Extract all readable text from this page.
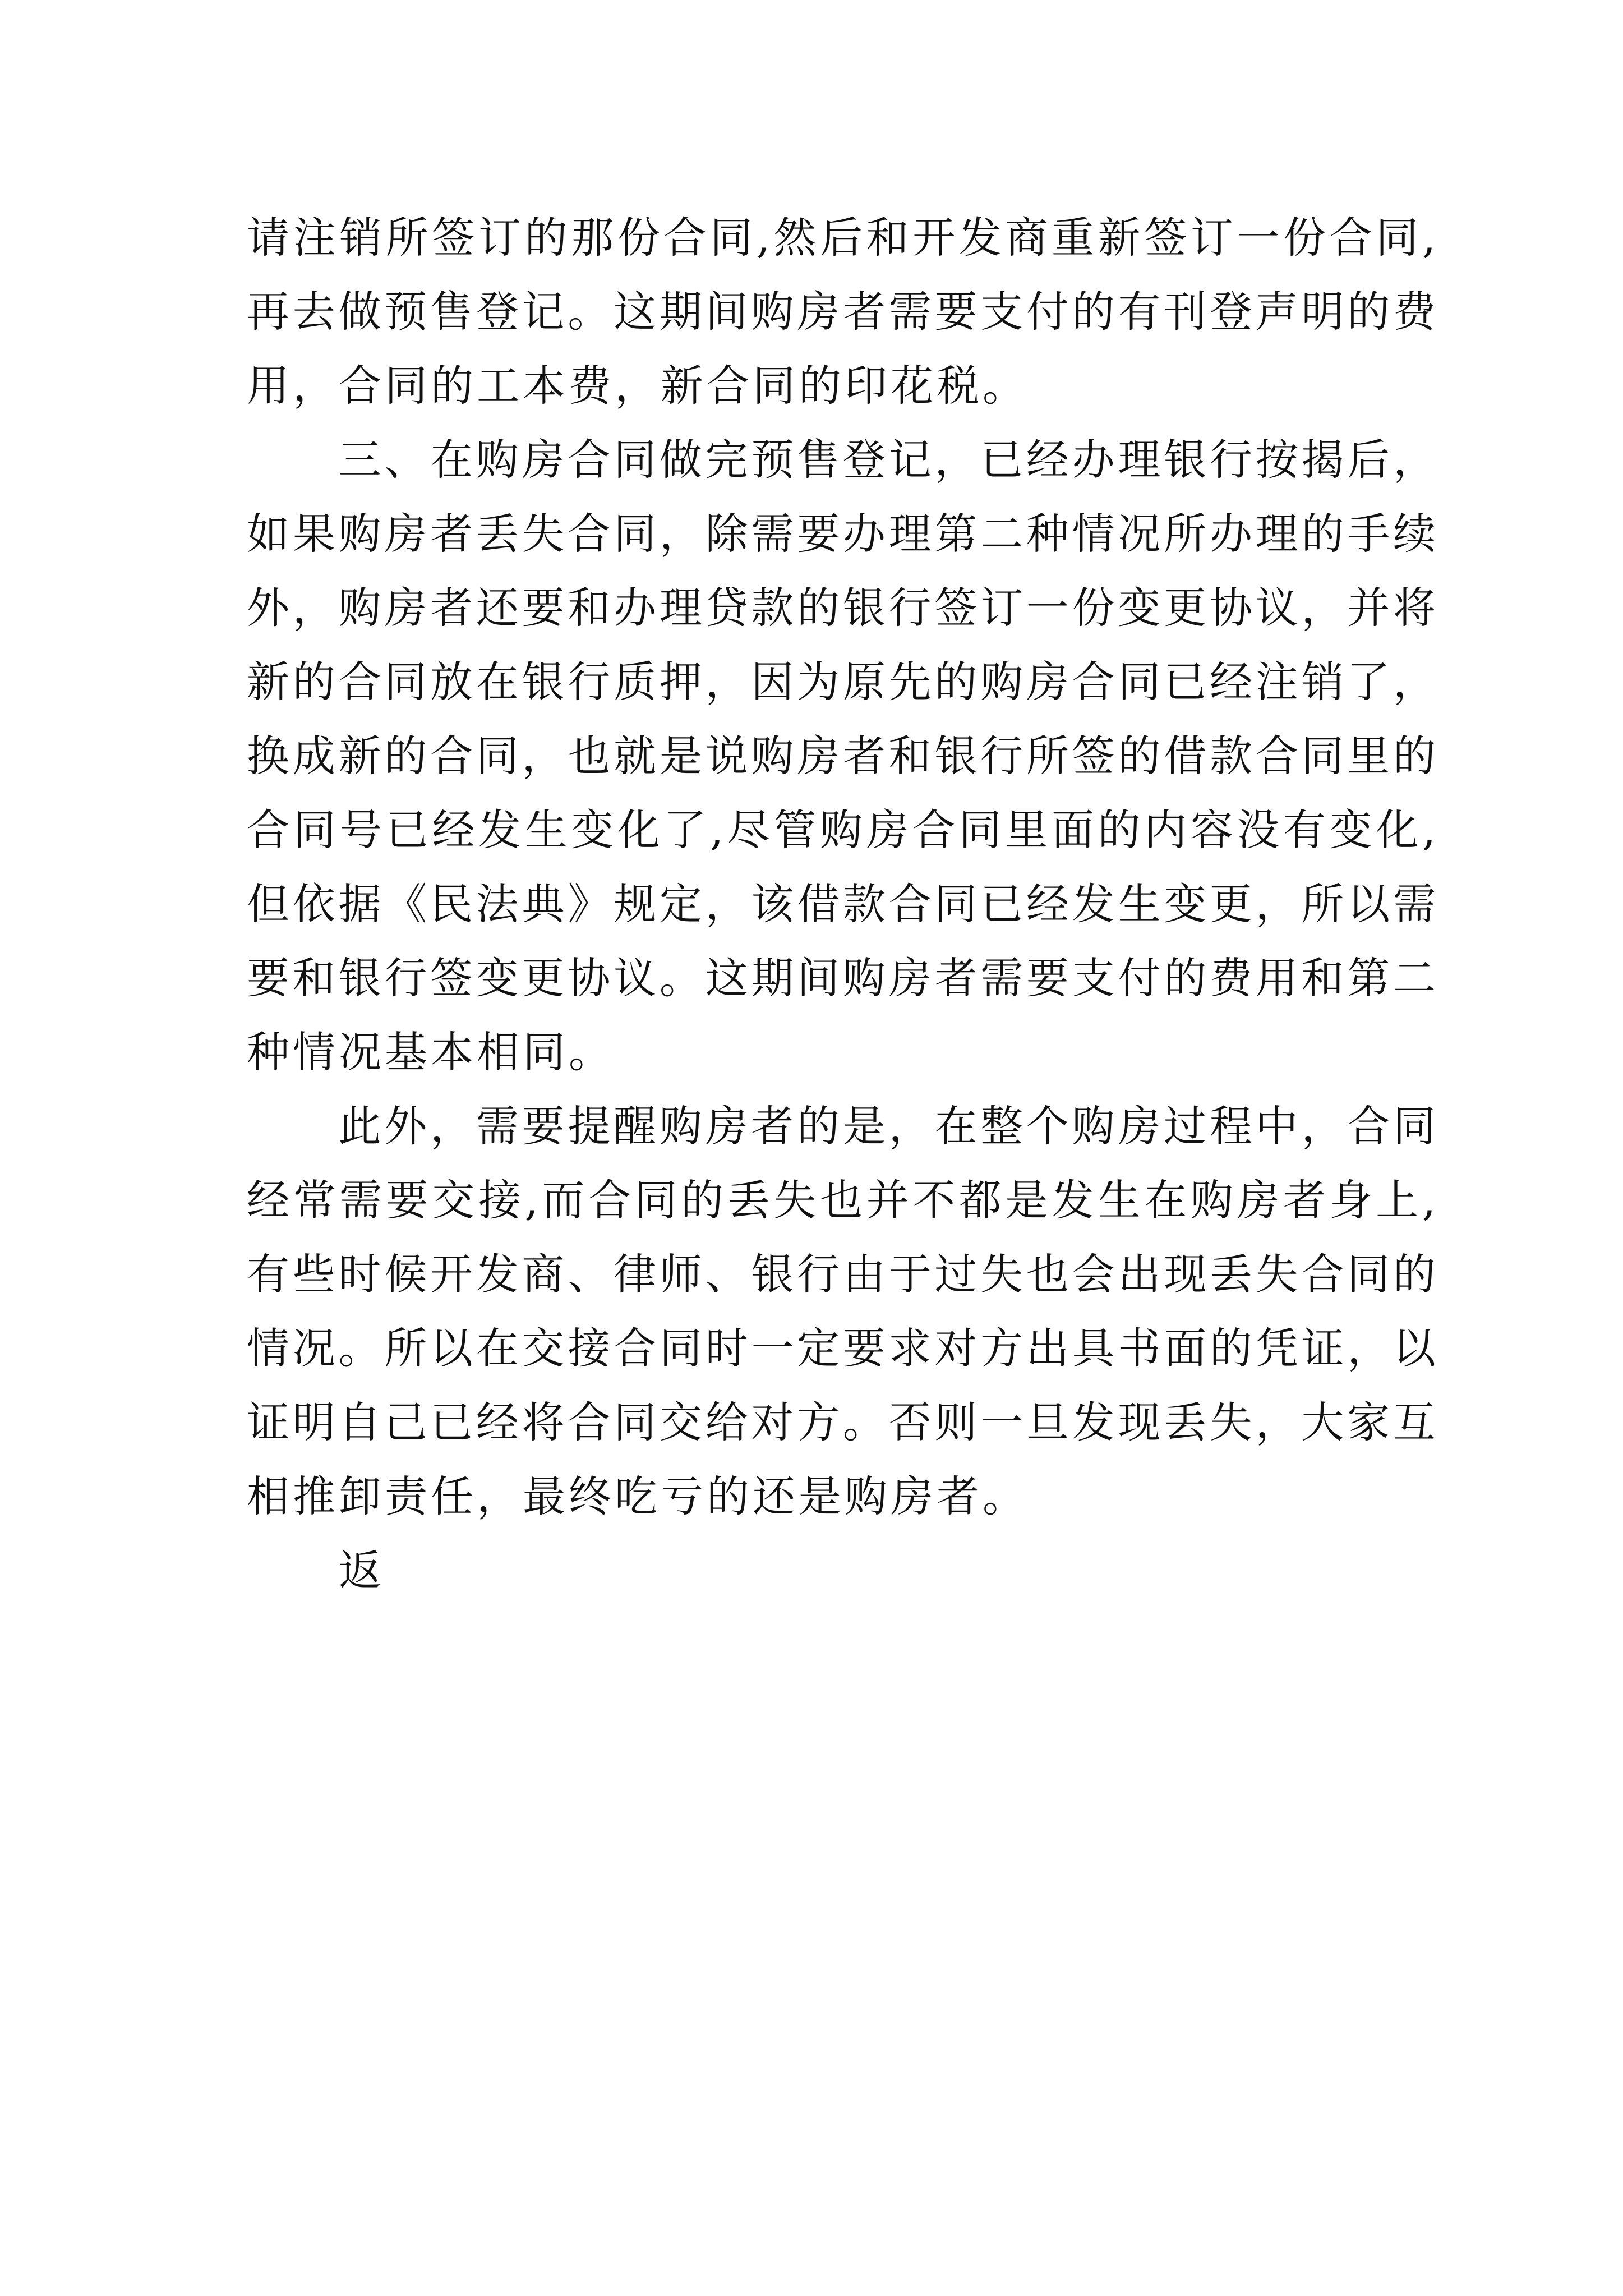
请注销所签订的那份合同,然后和开发商重新签订一份合同,
再去做预售登记。这期间购房者需要支付的有刊登声明的费
用，合同的工本费，新合同的印花税。
　　三、在购房合同做完预售登记，已经办理银行按揭后，
如果购房者丢失合同，除需要办理第二种情况所办理的手续
外，购房者还要和办理贷款的银行签订一份变更协议，并将
新的合同放在银行质押，因为原先的购房合同已经注销了，
换成新的合同，也就是说购房者和银行所签的借款合同里的
合同号已经发生变化了,尽管购房合同里面的内容没有变化,
但依据《民法典》规定，该借款合同已经发生变更，所以需
要和银行签变更协议。这期间购房者需要支付的费用和第二
种情况基本相同。
　　此外，需要提醒购房者的是，在整个购房过程中，合同
经常需要交接,而合同的丢失也并不都是发生在购房者身上,
有些时候开发商、律师、银行由于过失也会出现丢失合同的
情况。所以在交接合同时一定要求对方出具书面的凭证，以
证明自己已经将合同交给对方。否则一旦发现丢失，大家互
相推卸责任，最终吃亏的还是购房者。
　　返
